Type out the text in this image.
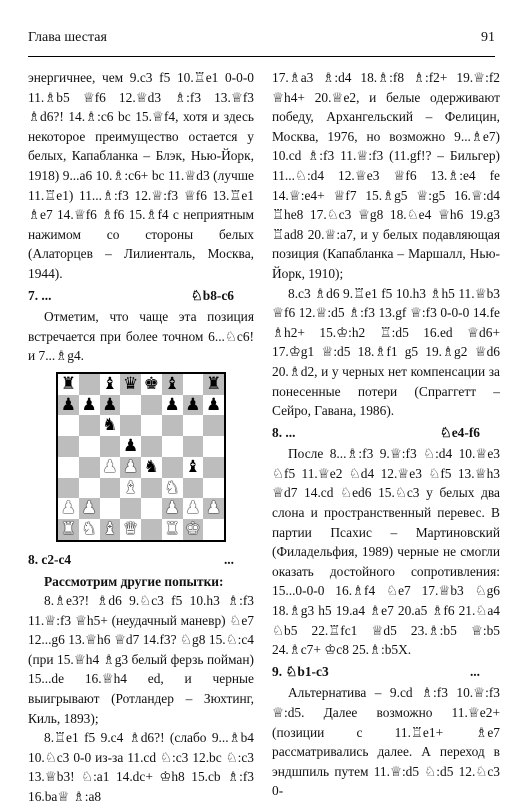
Глава шестая	91

энергичнее, чем 9.c3 f5 10.♖e1 0-0-0 11.♗b5 ♕f6 12.♕d3 ♗:f3 13.♕f3 ♗d6?! 14.♗:c6 bc 15.♕f4, хотя и здесь некоторое преимущество остается у белых, Капабланка – Блэк, Нью-Йорк, 1918) 9...a6 10.♗:c6+ bc 11.♕d3 (лучше 11.♖e1) 11...♗:f3 12.♕:f3 ♕f6 13.♖e1 ♗e7 14.♕f6 ♗f6 15.♗f4 с неприятным нажимом со стороны белых (Алаторцев – Лилиенталь, Москва, 1944).

7. ...	♘b8-c6

Отметим, что чаще эта позиция встречается при более точном 6...♘c6! и 7...♗g4.

♜ ♝ ♛ ♚ ♝ ♜
♟ ♟ ♟	♟ ♟ ♟
♞
♟
♟ ♟ ♞ ♝
♝ ♞
♟ ♟	♟ ♟ ♟
♜ ♞ ♝ ♛ ♜ ♚
8. c2-c4	...

Рассмотрим другие попытки:

8.♗e3?! ♗d6 9.♘c3 f5 10.h3 ♗:f3 11.♕:f3 ♕h5+ (неудачный маневр) ♘e7 12...g6 13.♕h6 ♕d7 14.f3? ♘g8 15.♘:c4 (при 15.♕h4 ♗g3 белый ферзь пойман) 15...de 16.♕h4 ed, и черные выигрывают (Ротландер – Зюхтинг, Киль, 1893);

8.♖e1 f5 9.c4 ♗d6?! (слабо 9...♗b4 10.♘c3 0-0 из-за 11.cd ♘:c3 12.bc ♘:c3 13.♕b3! ♘:a1 14.dc+ ♔h8 15.cb ♗:f3 16.ba♕ ♗:a8

17.♗a3 ♗:d4 18.♗:f8 ♗:f2+ 19.♕:f2 ♕h4+ 20.♕e2, и белые одерживают победу, Архангельский – Фелицин, Москва, 1976, но возможно 9...♗e7) 10.cd ♗:f3 11.♕:f3 (11.gf!? – Бильгер) 11...♘:d4 12.♕e3 ♕f6 13.♗:e4 fe 14.♕:e4+ ♕f7 15.♗g5 ♕:g5 16.♕:d4 ♖he8 17.♘c3 ♕g8 18.♘e4 ♕h6 19.g3 ♖ad8 20.♕:a7, и у белых подавляющая позиция (Капабланка – Маршалл, Нью-Йорк, 1910);

8.c3 ♗d6 9.♖e1 f5 10.h3 ♗h5 11.♕b3 ♕f6 12.♕:d5 ♗:f3 13.gf ♕:f3 0-0-0 14.fe ♗h2+ 15.♔:h2 ♖:d5 16.ed ♕d6+ 17.♔g1 ♕:d5 18.♗f1 g5 19.♗g2 ♕d6 20.♗d2, и у черных нет компенсации за понесенные потери (Спраггетт – Сейро, Гавана, 1986).

8. ...	♘e4-f6

После 8...♗:f3 9.♕:f3 ♘:d4 10.♕e3 ♘f5 11.♕e2 ♘d4 12.♕e3 ♘f5 13.♕h3 ♕d7 14.cd ♘ed6 15.♘c3 у белых два слона и пространственный перевес. В партии Псахис – Мартиновский (Филадельфия, 1989) черные не смогли оказать достойного сопротивления: 15...0-0-0 16.♗f4 ♘e7 17.♕b3 ♘g6 18.♗g3 h5 19.a4 ♗e7 20.a5 ♗f6 21.♘a4 ♘b5 22.♖fc1 ♕d5 23.♗:b5 ♕:b5 24.♗c7+ ♔c8 25.♗:b5X.

9. ♘b1-c3	...

Альтернатива – 9.cd ♗:f3 10.♕:f3 ♕:d5. Далее возможно 11.♕e2+ (позиции с 11.♖e1+ ♗e7 рассматривались далее. А переход в эндшпиль путем 11.♕:d5 ♘:d5 12.♘c3 0-
